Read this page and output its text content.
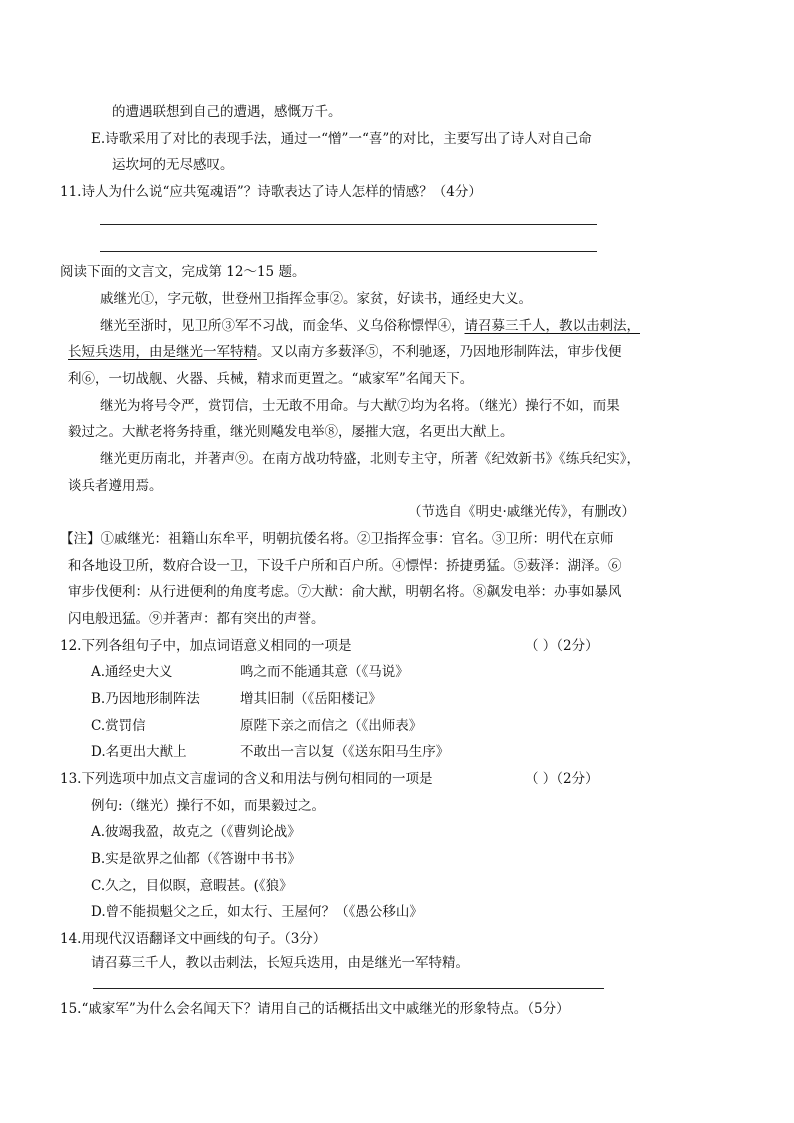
的遭遇联想到自己的遭遇，感慨万千。
E.诗歌采用了对比的表现手法，通过一“憎”一“喜”的对比，主要写出了诗人对自己命
运坎坷的无尽感叹。
11.诗人为什么说“应共冤魂语”？诗歌表达了诗人怎样的情感？（4分）
阅读下面的文言文，完成第 12～15 题。
戚继光①，字元敬，世登州卫指挥佥事②。家贫，好读书，通经史大义。
继光至浙时，见卫所③军不习战，而金华、义乌俗称慓悍④，请召募三千人，教以击刺法，
长短兵迭用，由是继光一军特精。又以南方多薮泽⑤，不利驰逐，乃因地形制阵法，审步伐便
利⑥，一切战舰、火器、兵械，精求而更置之。“戚家军”名闻天下。
继光为将号令严，赏罚信，士无敢不用命。与大猷⑦均为名将。（继光）操行不如，而果
毅过之。大猷老将务持重，继光则飚发电举⑧，屡摧大寇，名更出大猷上。
继光更历南北，并著声⑨。在南方战功特盛，北则专主守，所著《纪效新书》《练兵纪实》，
谈兵者遵用焉。
（节选自《明史·戚继光传》，有删改）
【注】①戚继光：祖籍山东牟平，明朝抗倭名将。②卫指挥佥事：官名。③卫所：明代在京师
和各地设卫所，数府合设一卫，下设千户所和百户所。④慓悍：挢捷勇猛。⑤薮泽：湖泽。⑥
审步伐便利：从行进便利的角度考虑。⑦大猷：俞大猷，明朝名将。⑧飙发电举：办事如暴风
闪电般迅猛。⑨并著声：都有突出的声誉。
12.下列各组句子中，加点词语意义相同的一项是	（ ）（2分）
A.通经史大义	鸣之而不能通其意（《马说》
B.乃因地形制阵法	增其旧制（《岳阳楼记》
C.赏罚信	原陛下亲之而信之（《出师表》
D.名更出大猷上	不敢出一言以复（《送东阳马生序》
13.下列选项中加点文言虚词的含义和用法与例句相同的一项是	（ ）（2分）
例句:（继光）操行不如，而果毅过之。
A.彼竭我盈，故克之（《曹刿论战》
B.实是欲界之仙都（《答谢中书书》
C.久之，目似瞑，意暇甚。(《狼》
D.曾不能损魁父之丘，如太行、王屋何？（《愚公移山》
14.用现代汉语翻译文中画线的句子。（3分）
请召募三千人，教以击刺法，长短兵迭用，由是继光一军特精。
15.“戚家军”为什么会名闻天下？请用自己的话概括出文中戚继光的形象特点。（5分）
